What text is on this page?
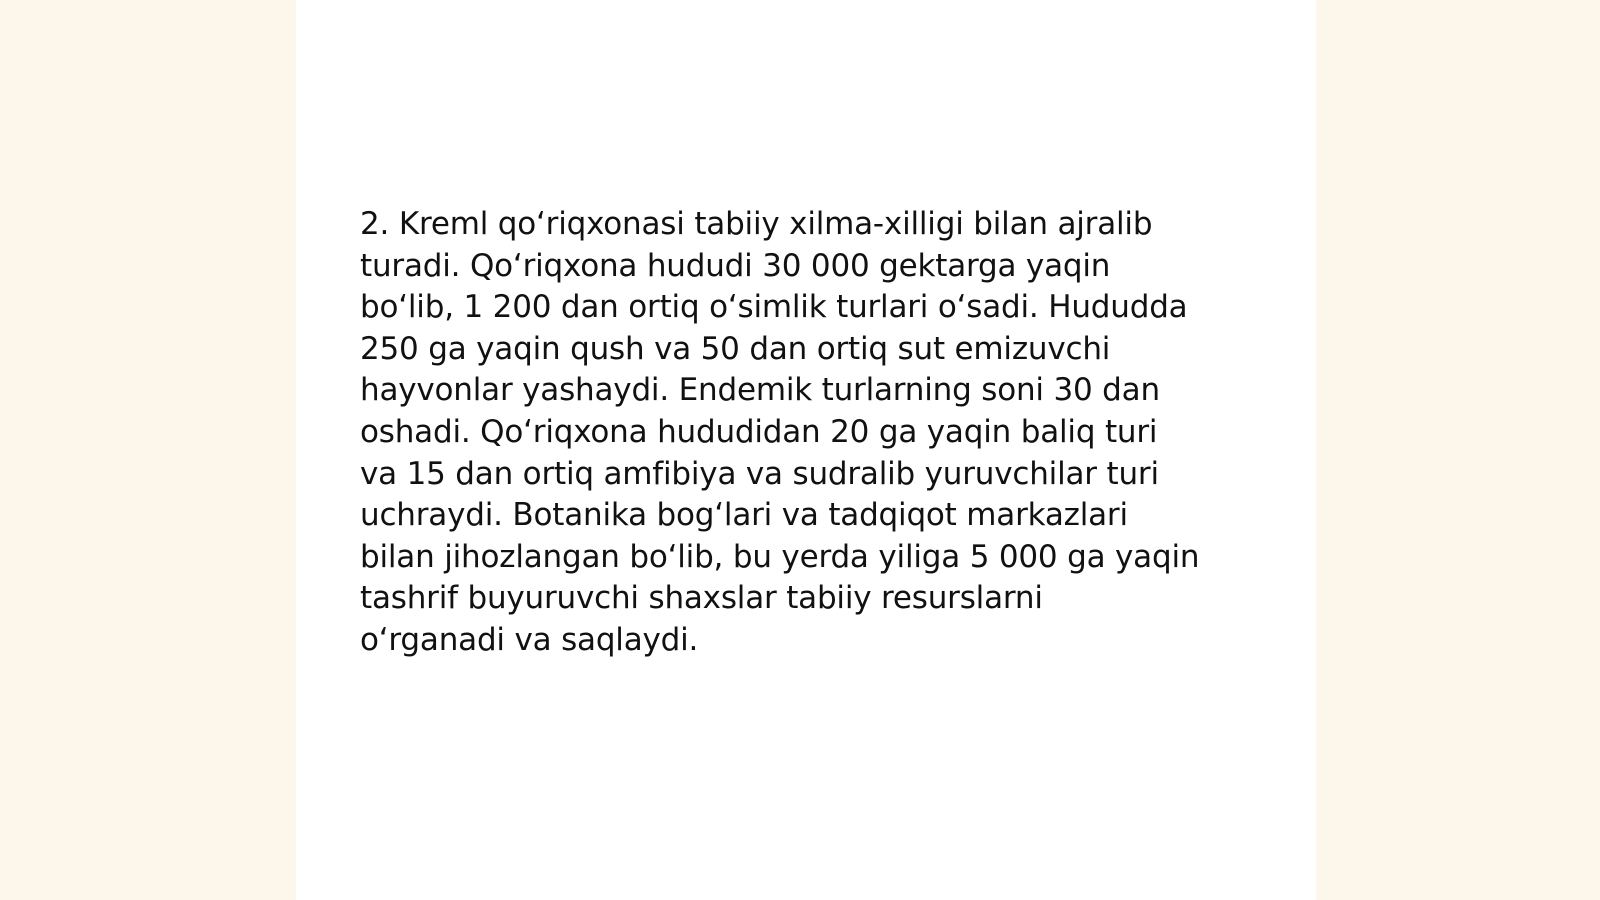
2. Kreml qo‘riqxonasi tabiiy xilma-xilligi bilan ajralib
turadi. Qo‘riqxona hududi 30 000 gektarga yaqin
bo‘lib, 1 200 dan ortiq o‘simlik turlari o‘sadi. Hududda
250 ga yaqin qush va 50 dan ortiq sut emizuvchi
hayvonlar yashaydi. Endemik turlarning soni 30 dan
oshadi. Qo‘riqxona hududidan 20 ga yaqin baliq turi
va 15 dan ortiq amfibiya va sudralib yuruvchilar turi
uchraydi. Botanika bog‘lari va tadqiqot markazlari
bilan jihozlangan bo‘lib, bu yerda yiliga 5 000 ga yaqin
tashrif buyuruvchi shaxslar tabiiy resurslarni
o‘rganadi va saqlaydi.
